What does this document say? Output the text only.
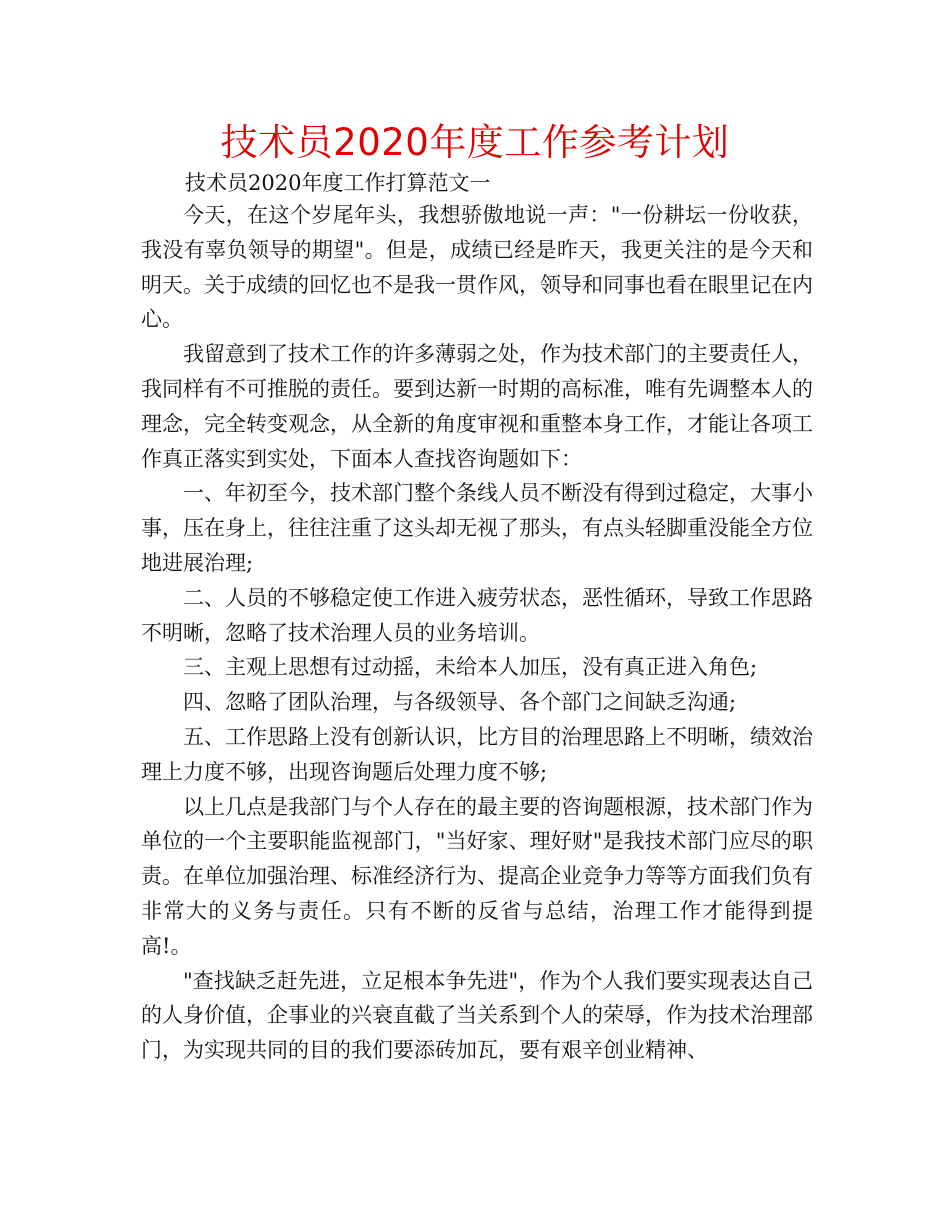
技术员2020年度工作参考计划
技术员2020年度工作打算范文一

今天，在这个岁尾年头，我想骄傲地说一声："一份耕坛一份收获，我没有辜负领导的期望"。但是，成绩已经是昨天，我更关注的是今天和明天。关于成绩的回忆也不是我一贯作风，领导和同事也看在眼里记在内心。

我留意到了技术工作的许多薄弱之处，作为技术部门的主要责任人，我同样有不可推脱的责任。要到达新一时期的高标准，唯有先调整本人的理念，完全转变观念，从全新的角度审视和重整本身工作，才能让各项工作真正落实到实处，下面本人查找咨询题如下：

一、年初至今，技术部门整个条线人员不断没有得到过稳定，大事小事，压在身上，往往注重了这头却无视了那头，有点头轻脚重没能全方位地进展治理;

二、人员的不够稳定使工作进入疲劳状态，恶性循环，导致工作思路不明晰，忽略了技术治理人员的业务培训。

三、主观上思想有过动摇，未给本人加压，没有真正进入角色;

四、忽略了团队治理，与各级领导、各个部门之间缺乏沟通;

五、工作思路上没有创新认识，比方目的治理思路上不明晰，绩效治理上力度不够，出现咨询题后处理力度不够;

以上几点是我部门与个人存在的最主要的咨询题根源，技术部门作为单位的一个主要职能监视部门，"当好家、理好财"是我技术部门应尽的职责。在单位加强治理、标准经济行为、提高企业竞争力等等方面我们负有非常大的义务与责任。只有不断的反省与总结，治理工作才能得到提高!。

"查找缺乏赶先进，立足根本争先进"，作为个人我们要实现表达自己的人身价值，企事业的兴衰直截了当关系到个人的荣辱，作为技术治理部门，为实现共同的目的我们要添砖加瓦，要有艰辛创业精神、
